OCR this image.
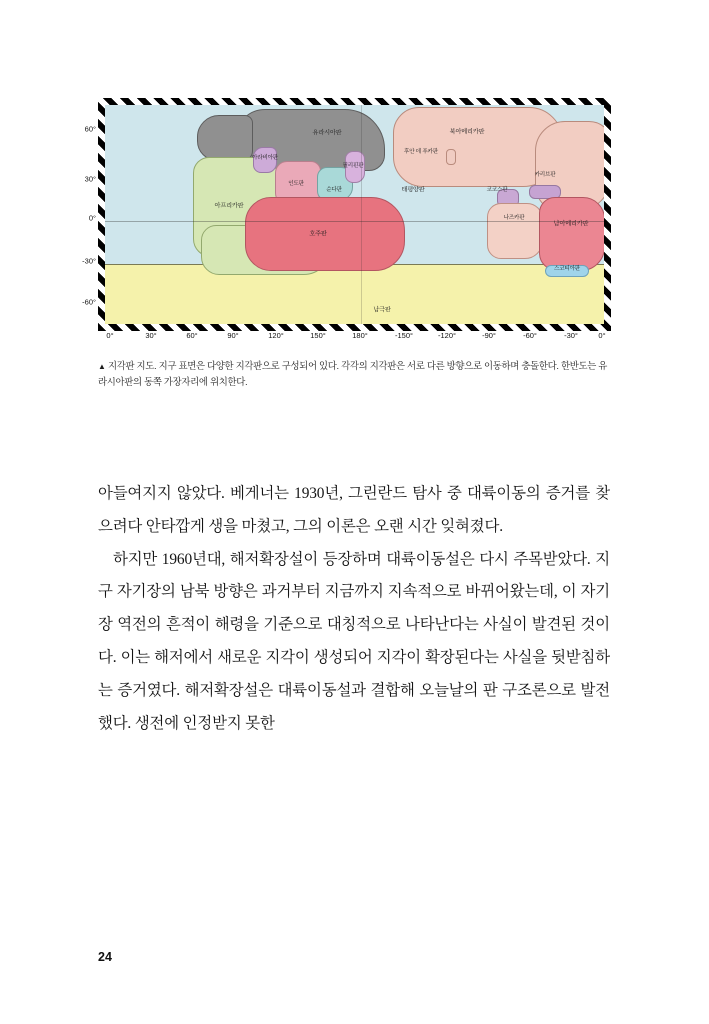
유라시아판	북아메리카판
아라비아판
인도판
필리핀판
후안 데 푸카판
카리브판
순다판	태평양판	코코스판
아프리카판
호주판
나즈카판
남아메리카판
스코티아판
남극판
60°
30°
0°
-30°
-60°
0°	30°	60°	90°	120°	150°	180°	-150°	-120°	-90°	-60°	-30°	0°
▲ 지각판 지도. 지구 표면은 다양한 지각판으로 구성되어 있다. 각각의 지각판은 서로 다른 방향으로 이동하며 충돌한다. 한반도는 유라시아판의 동쪽 가장자리에 위치한다.

아들여지지 않았다. 베게너는 1930년, 그린란드 탐사 중 대륙이동의 증거를 찾으려다 안타깝게 생을 마쳤고, 그의 이론은 오랜 시간 잊혀졌다.

하지만 1960년대, 해저확장설이 등장하며 대륙이동설은 다시 주목받았다. 지구 자기장의 남북 방향은 과거부터 지금까지 지속적으로 바뀌어왔는데, 이 자기장 역전의 흔적이 해령을 기준으로 대칭적으로 나타난다는 사실이 발견된 것이다. 이는 해저에서 새로운 지각이 생성되어 지각이 확장된다는 사실을 뒷받침하는 증거였다. 해저확장설은 대륙이동설과 결합해 오늘날의 판 구조론으로 발전했다. 생전에 인정받지 못한

24
